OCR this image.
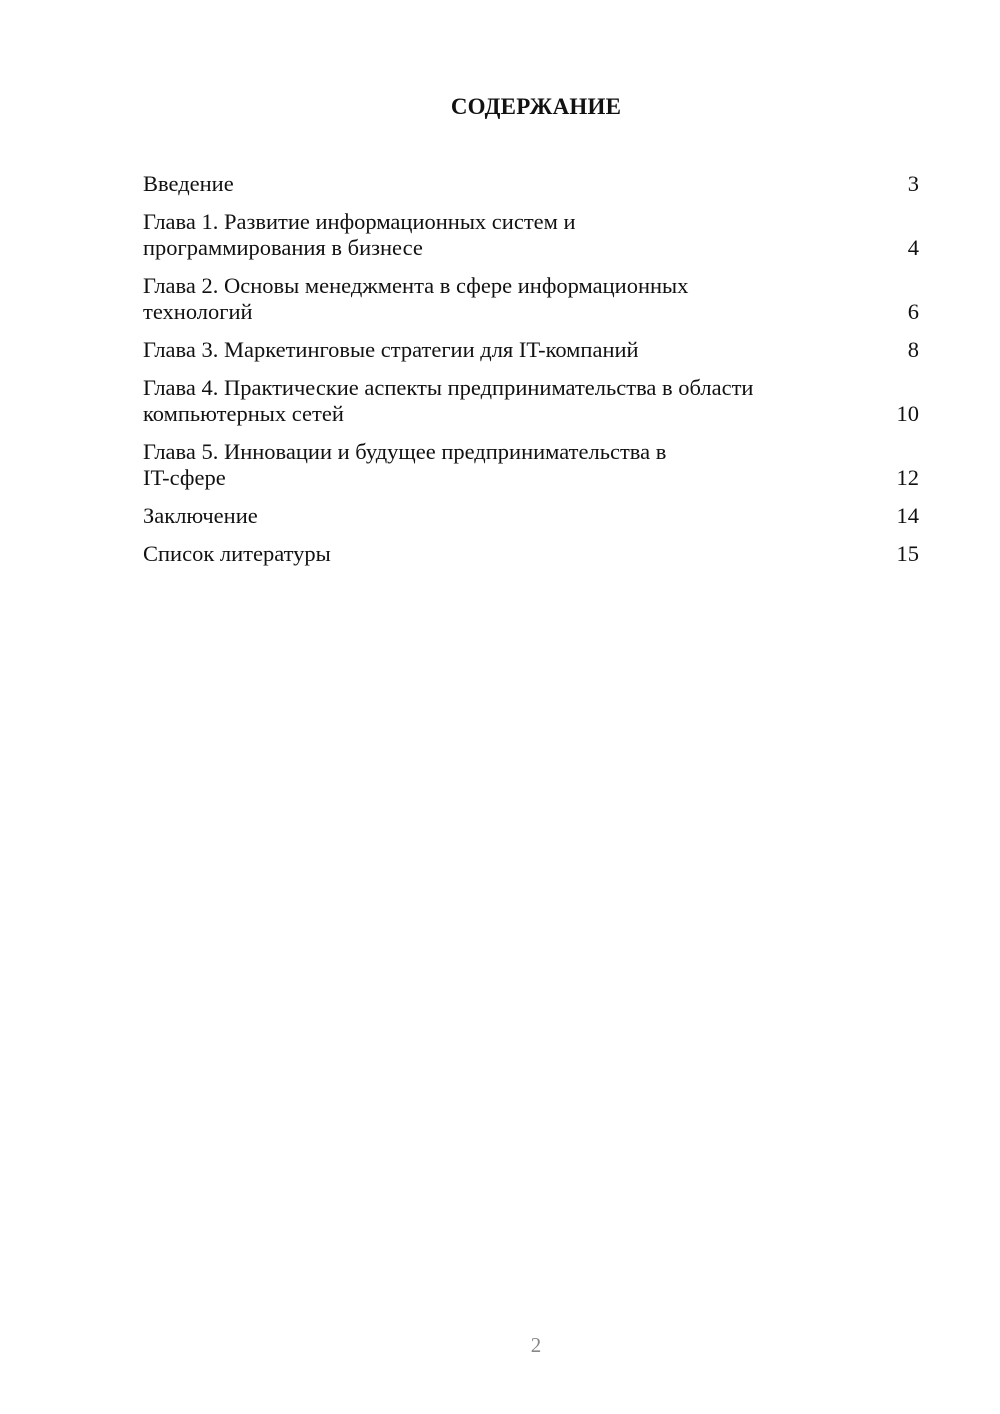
СОДЕРЖАНИЕ
Введение	3
Глава 1. Развитие информационных систем и
программирования в бизнесе	4
Глава 2. Основы менеджмента в сфере информационных
технологий	6
Глава 3. Маркетинговые стратегии для IT-компаний	8
Глава 4. Практические аспекты предпринимательства в области
компьютерных сетей	10
Глава 5. Инновации и будущее предпринимательства в
IT-сфере	12
Заключение	14
Список литературы	15
2
